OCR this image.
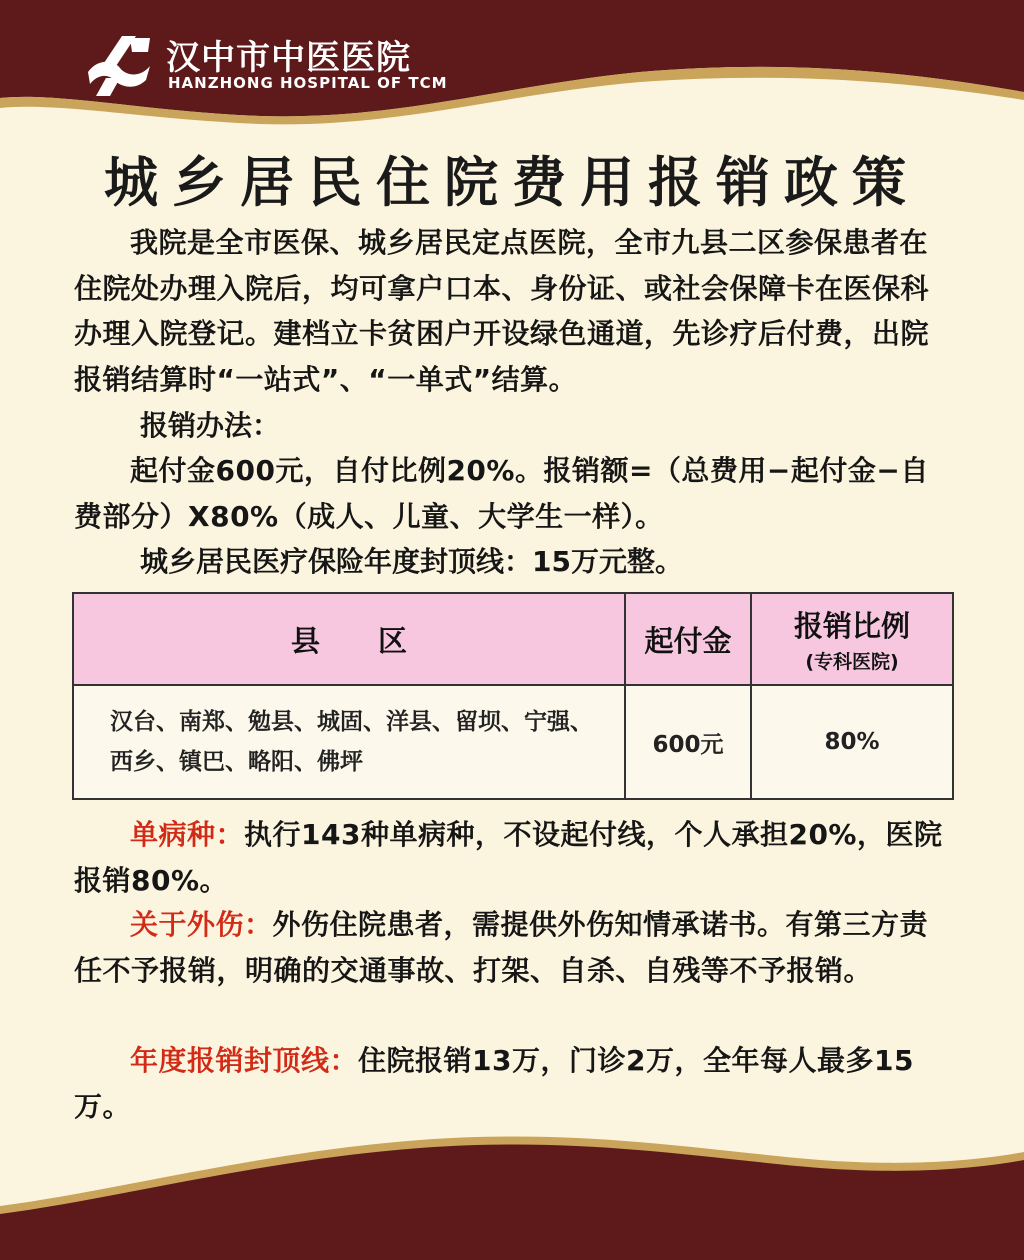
汉中市中医医院
HANZHONG HOSPITAL OF TCM
城乡居民住院费用报销政策
我院是全市医保、城乡居民定点医院，全市九县二区参保患者在住院处办理入院后，均可拿户口本、身份证、或社会保障卡在医保科办理入院登记。建档立卡贫困户开设绿色通道，先诊疗后付费，出院报销结算时“一站式”、“一单式”结算。
报销办法：
起付金600元，自付比例20%。报销额=（总费用−起付金−自费部分）X80%（成人、儿童、大学生一样）。
城乡居民医疗保险年度封顶线：15万元整。
县　　区	起付金	报销比例
(专科医院)

汉台、南郑、勉县、城固、洋县、留坝、宁强、西乡、镇巴、略阳、佛坪	600元	80%
单病种：执行143种单病种，不设起付线，个人承担20%，医院报销80%。
关于外伤：外伤住院患者，需提供外伤知情承诺书。有第三方责任不予报销，明确的交通事故、打架、自杀、自残等不予报销。
年度报销封顶线：住院报销13万，门诊2万，全年每人最多15万。
